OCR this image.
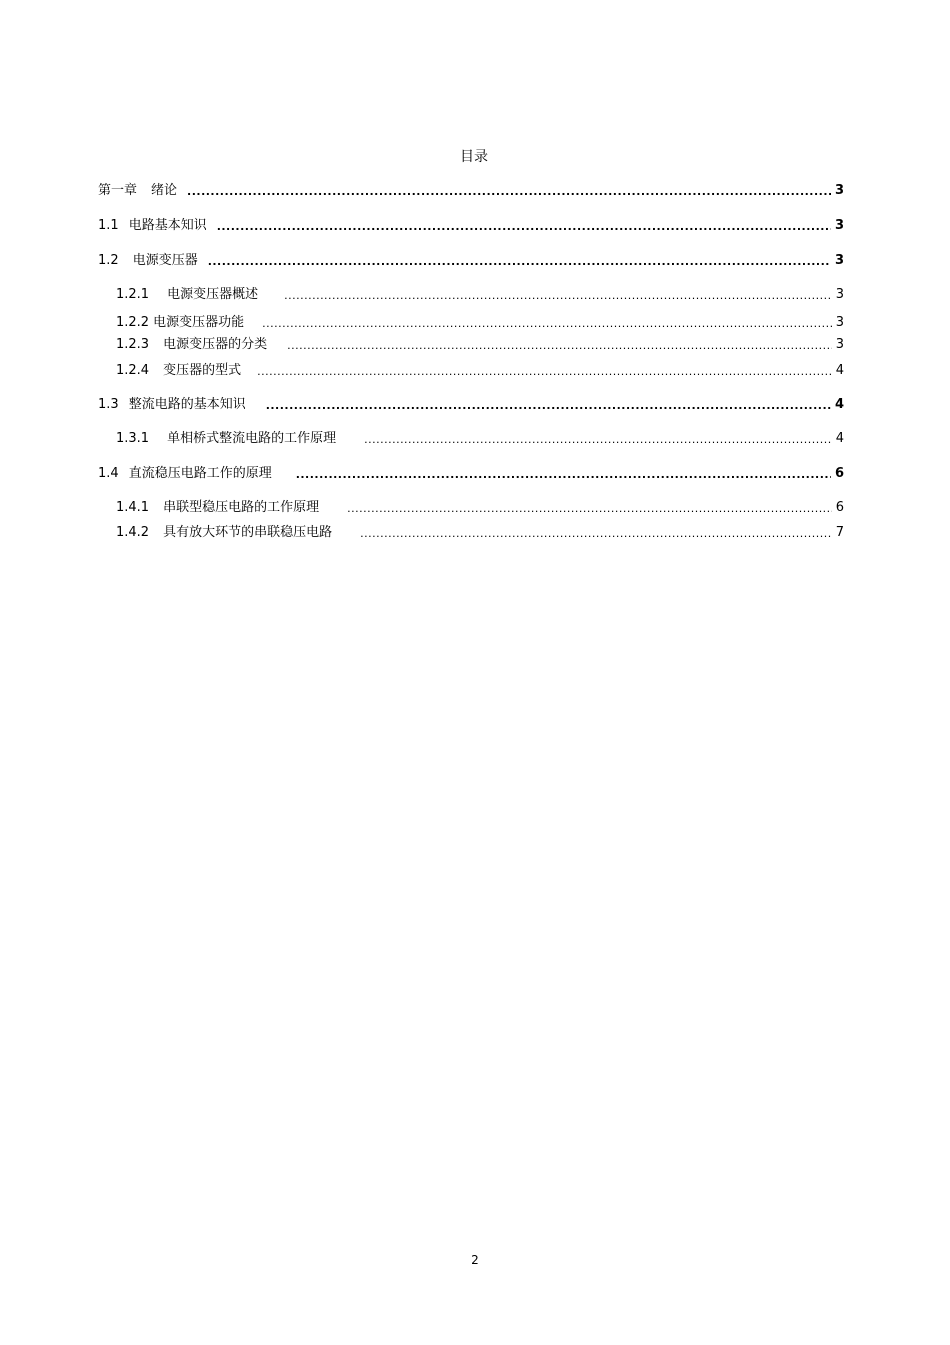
目录
第一章 绪论 .....	3
1.1 电路基本知识 .....	3
1.2 电源变压器 .....	3
1.2.1 电源变压器概述 .....	3
1.2.2 电源变压器功能 .....	3
1.2.3 电源变压器的分类 .....	3
1.2.4 变压器的型式 .....	4
1.3 整流电路的基本知识 .....	4
1.3.1 单相桥式整流电路的工作原理 .....	4
1.4 直流稳压电路工作的原理 .....	6
1.4.1 串联型稳压电路的工作原理 .....	6
1.4.2 具有放大环节的串联稳压电路 .....	7
2
